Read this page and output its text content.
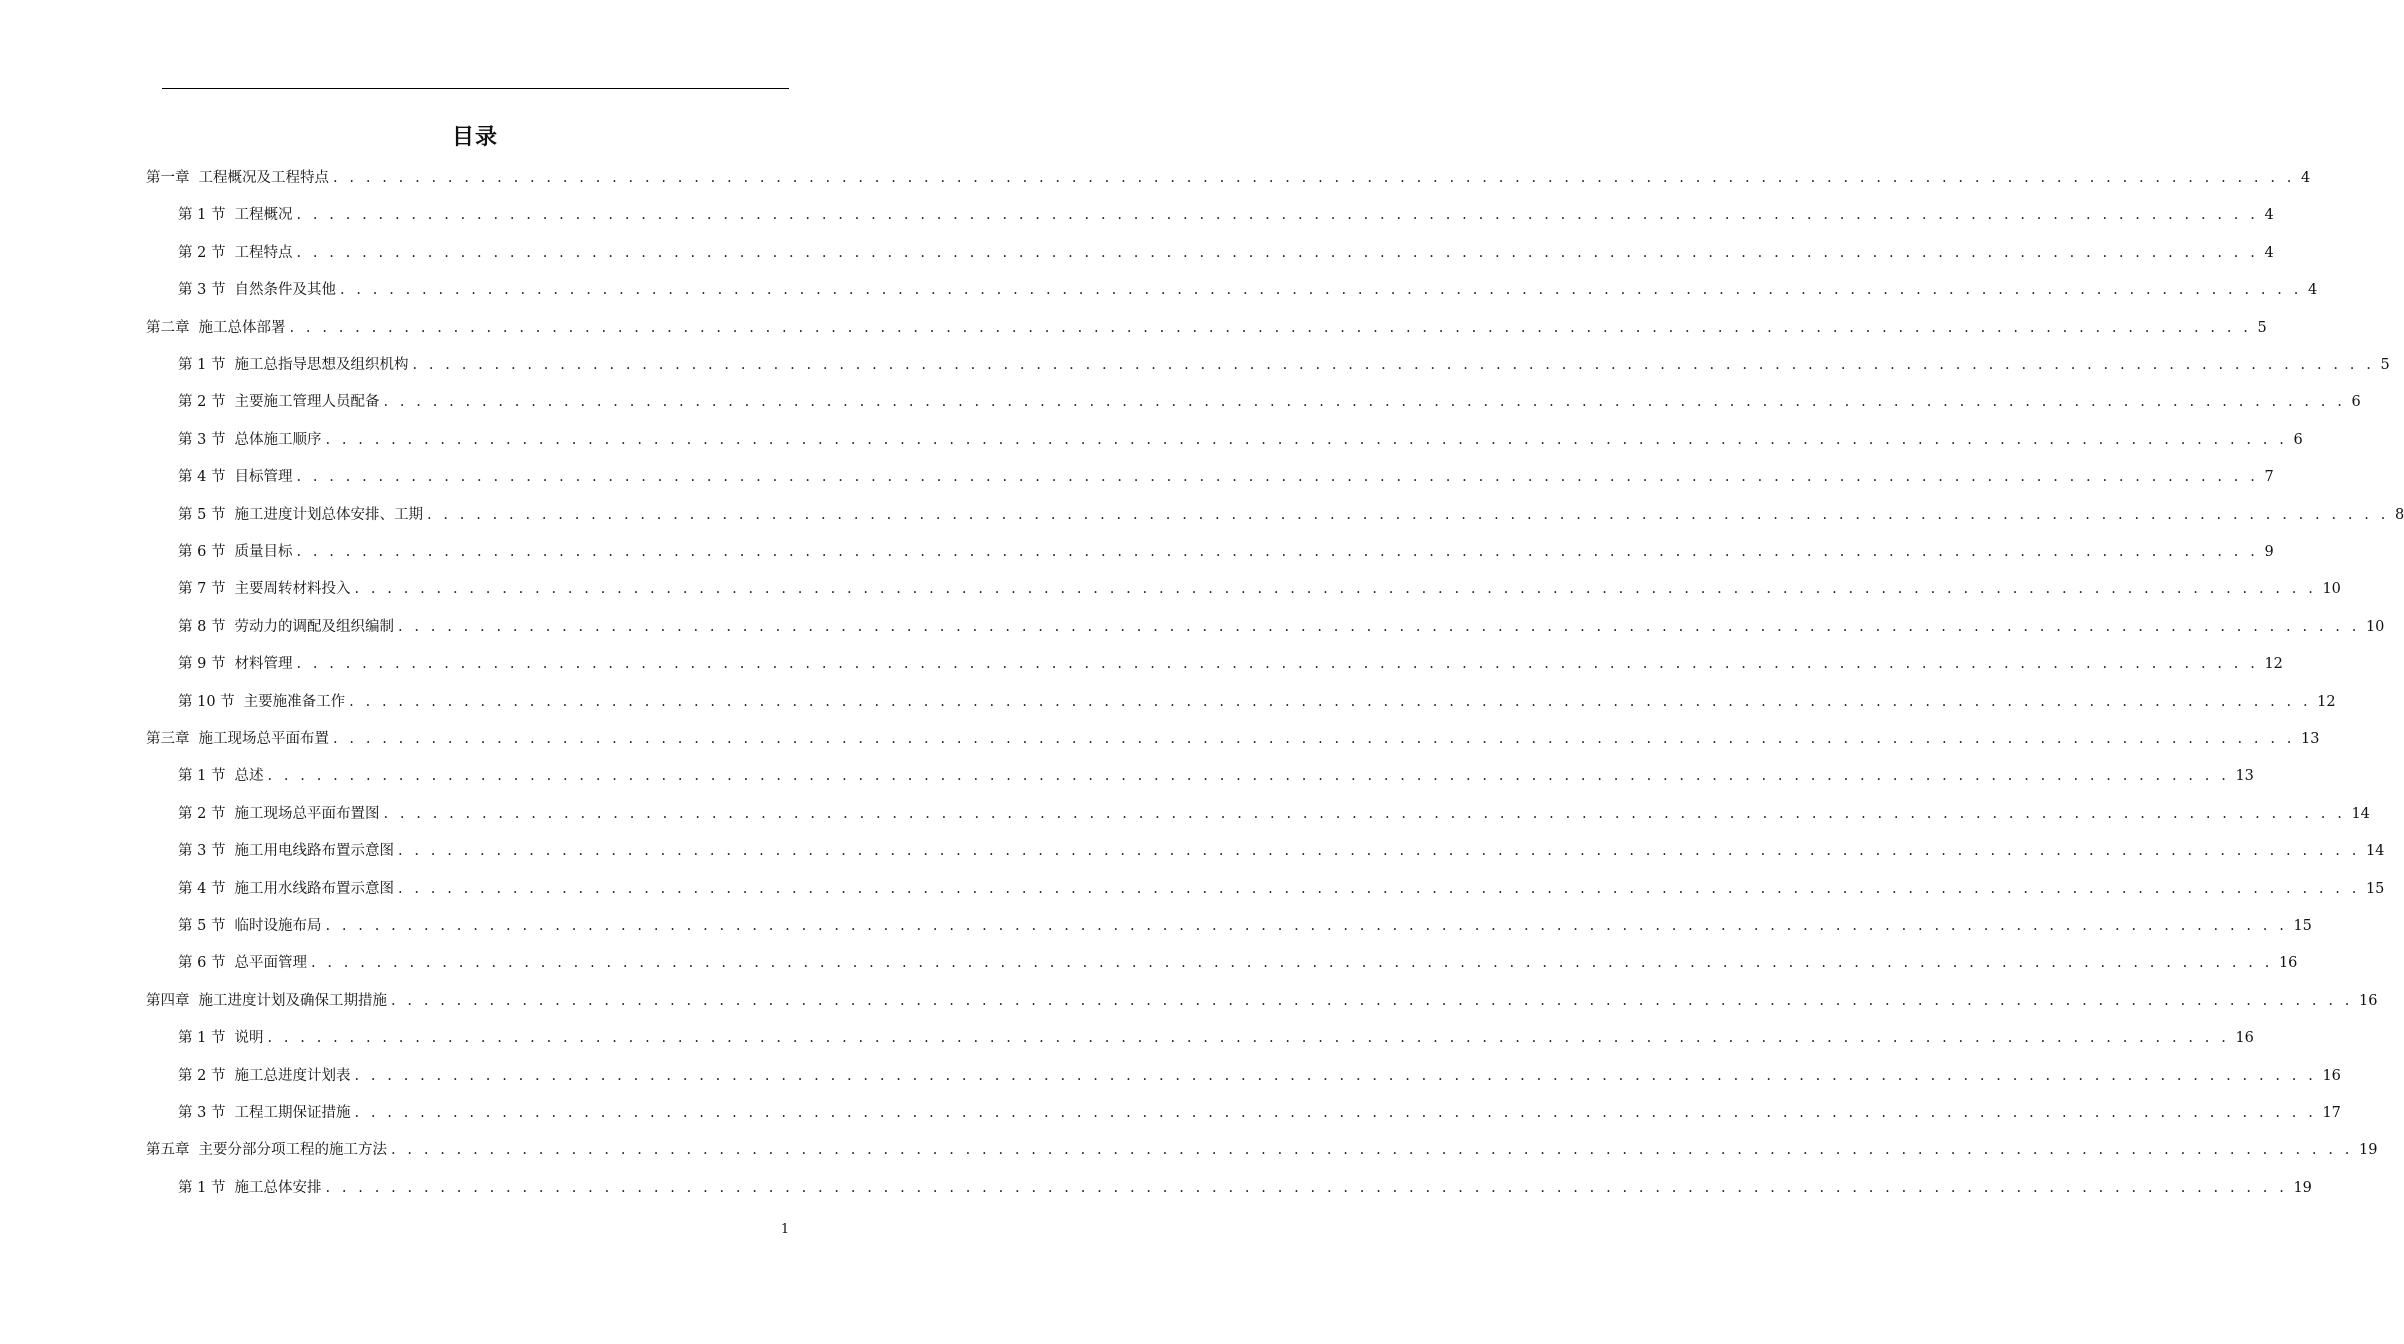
目录
第一章 工程概况及工程特点 . . . . . . . . . . . . . . . . . . . . . . . . . . . . . . . . . . . . . . . . . . . . . . . . . . . . . . . . . . . . . . . . . . . . . . . . . . . . . . . . . . . . . . . . . . . . . . . . . . . . . . . . . . . . . . . . . . . . . . . . 4
第 1 节 工程概况 . . . . . . . . . . . . . . . . . . . . . . . . . . . . . . . . . . . . . . . . . . . . . . . . . . . . . . . . . . . . . . . . . . . . . . . . . . . . . . . . . . . . . . . . . . . . . . . . . . . . . . . . . . . . . . . . . . . . . . . . 4
第 2 节 工程特点 . . . . . . . . . . . . . . . . . . . . . . . . . . . . . . . . . . . . . . . . . . . . . . . . . . . . . . . . . . . . . . . . . . . . . . . . . . . . . . . . . . . . . . . . . . . . . . . . . . . . . . . . . . . . . . . . . . . . . . . . 4
第 3 节 自然条件及其他 . . . . . . . . . . . . . . . . . . . . . . . . . . . . . . . . . . . . . . . . . . . . . . . . . . . . . . . . . . . . . . . . . . . . . . . . . . . . . . . . . . . . . . . . . . . . . . . . . . . . . . . . . . . . . . . . . . . . . . . . 4
第二章 施工总体部署 . . . . . . . . . . . . . . . . . . . . . . . . . . . . . . . . . . . . . . . . . . . . . . . . . . . . . . . . . . . . . . . . . . . . . . . . . . . . . . . . . . . . . . . . . . . . . . . . . . . . . . . . . . . . . . . . . . . . . . . . 5
第 1 节 施工总指导思想及组织机构 . . . . . . . . . . . . . . . . . . . . . . . . . . . . . . . . . . . . . . . . . . . . . . . . . . . . . . . . . . . . . . . . . . . . . . . . . . . . . . . . . . . . . . . . . . . . . . . . . . . . . . . . . . . . . . . . . . . . . . . . 5
第 2 节 主要施工管理人员配备 . . . . . . . . . . . . . . . . . . . . . . . . . . . . . . . . . . . . . . . . . . . . . . . . . . . . . . . . . . . . . . . . . . . . . . . . . . . . . . . . . . . . . . . . . . . . . . . . . . . . . . . . . . . . . . . . . . . . . . . . 6
第 3 节 总体施工顺序 . . . . . . . . . . . . . . . . . . . . . . . . . . . . . . . . . . . . . . . . . . . . . . . . . . . . . . . . . . . . . . . . . . . . . . . . . . . . . . . . . . . . . . . . . . . . . . . . . . . . . . . . . . . . . . . . . . . . . . . . 6
第 4 节 目标管理 . . . . . . . . . . . . . . . . . . . . . . . . . . . . . . . . . . . . . . . . . . . . . . . . . . . . . . . . . . . . . . . . . . . . . . . . . . . . . . . . . . . . . . . . . . . . . . . . . . . . . . . . . . . . . . . . . . . . . . . . 7
第 5 节 施工进度计划总体安排、工期 . . . . . . . . . . . . . . . . . . . . . . . . . . . . . . . . . . . . . . . . . . . . . . . . . . . . . . . . . . . . . . . . . . . . . . . . . . . . . . . . . . . . . . . . . . . . . . . . . . . . . . . . . . . . . . . . . . . . . . . . 8
第 6 节 质量目标 . . . . . . . . . . . . . . . . . . . . . . . . . . . . . . . . . . . . . . . . . . . . . . . . . . . . . . . . . . . . . . . . . . . . . . . . . . . . . . . . . . . . . . . . . . . . . . . . . . . . . . . . . . . . . . . . . . . . . . . . 9
第 7 节 主要周转材料投入 . . . . . . . . . . . . . . . . . . . . . . . . . . . . . . . . . . . . . . . . . . . . . . . . . . . . . . . . . . . . . . . . . . . . . . . . . . . . . . . . . . . . . . . . . . . . . . . . . . . . . . . . . . . . . . . . . . . . . . . . 10
第 8 节 劳动力的调配及组织编制 . . . . . . . . . . . . . . . . . . . . . . . . . . . . . . . . . . . . . . . . . . . . . . . . . . . . . . . . . . . . . . . . . . . . . . . . . . . . . . . . . . . . . . . . . . . . . . . . . . . . . . . . . . . . . . . . . . . . . . . . 10
第 9 节 材料管理 . . . . . . . . . . . . . . . . . . . . . . . . . . . . . . . . . . . . . . . . . . . . . . . . . . . . . . . . . . . . . . . . . . . . . . . . . . . . . . . . . . . . . . . . . . . . . . . . . . . . . . . . . . . . . . . . . . . . . . . . 12
第 10 节 主要施准备工作 . . . . . . . . . . . . . . . . . . . . . . . . . . . . . . . . . . . . . . . . . . . . . . . . . . . . . . . . . . . . . . . . . . . . . . . . . . . . . . . . . . . . . . . . . . . . . . . . . . . . . . . . . . . . . . . . . . . . . . . . 12
第三章 施工现场总平面布置 . . . . . . . . . . . . . . . . . . . . . . . . . . . . . . . . . . . . . . . . . . . . . . . . . . . . . . . . . . . . . . . . . . . . . . . . . . . . . . . . . . . . . . . . . . . . . . . . . . . . . . . . . . . . . . . . . . . . . . . . 13
第 1 节 总述 . . . . . . . . . . . . . . . . . . . . . . . . . . . . . . . . . . . . . . . . . . . . . . . . . . . . . . . . . . . . . . . . . . . . . . . . . . . . . . . . . . . . . . . . . . . . . . . . . . . . . . . . . . . . . . . . . . . . . . . . 13
第 2 节 施工现场总平面布置图 . . . . . . . . . . . . . . . . . . . . . . . . . . . . . . . . . . . . . . . . . . . . . . . . . . . . . . . . . . . . . . . . . . . . . . . . . . . . . . . . . . . . . . . . . . . . . . . . . . . . . . . . . . . . . . . . . . . . . . . . 14
第 3 节 施工用电线路布置示意图 . . . . . . . . . . . . . . . . . . . . . . . . . . . . . . . . . . . . . . . . . . . . . . . . . . . . . . . . . . . . . . . . . . . . . . . . . . . . . . . . . . . . . . . . . . . . . . . . . . . . . . . . . . . . . . . . . . . . . . . . 14
第 4 节 施工用水线路布置示意图 . . . . . . . . . . . . . . . . . . . . . . . . . . . . . . . . . . . . . . . . . . . . . . . . . . . . . . . . . . . . . . . . . . . . . . . . . . . . . . . . . . . . . . . . . . . . . . . . . . . . . . . . . . . . . . . . . . . . . . . . 15
第 5 节 临时设施布局 . . . . . . . . . . . . . . . . . . . . . . . . . . . . . . . . . . . . . . . . . . . . . . . . . . . . . . . . . . . . . . . . . . . . . . . . . . . . . . . . . . . . . . . . . . . . . . . . . . . . . . . . . . . . . . . . . . . . . . . . 15
第 6 节 总平面管理 . . . . . . . . . . . . . . . . . . . . . . . . . . . . . . . . . . . . . . . . . . . . . . . . . . . . . . . . . . . . . . . . . . . . . . . . . . . . . . . . . . . . . . . . . . . . . . . . . . . . . . . . . . . . . . . . . . . . . . . . 16
第四章 施工进度计划及确保工期措施 . . . . . . . . . . . . . . . . . . . . . . . . . . . . . . . . . . . . . . . . . . . . . . . . . . . . . . . . . . . . . . . . . . . . . . . . . . . . . . . . . . . . . . . . . . . . . . . . . . . . . . . . . . . . . . . . . . . . . . . . 16
第 1 节 说明 . . . . . . . . . . . . . . . . . . . . . . . . . . . . . . . . . . . . . . . . . . . . . . . . . . . . . . . . . . . . . . . . . . . . . . . . . . . . . . . . . . . . . . . . . . . . . . . . . . . . . . . . . . . . . . . . . . . . . . . . 16
第 2 节 施工总进度计划表 . . . . . . . . . . . . . . . . . . . . . . . . . . . . . . . . . . . . . . . . . . . . . . . . . . . . . . . . . . . . . . . . . . . . . . . . . . . . . . . . . . . . . . . . . . . . . . . . . . . . . . . . . . . . . . . . . . . . . . . . 16
第 3 节 工程工期保证措施 . . . . . . . . . . . . . . . . . . . . . . . . . . . . . . . . . . . . . . . . . . . . . . . . . . . . . . . . . . . . . . . . . . . . . . . . . . . . . . . . . . . . . . . . . . . . . . . . . . . . . . . . . . . . . . . . . . . . . . . . 17
第五章 主要分部分项工程的施工方法 . . . . . . . . . . . . . . . . . . . . . . . . . . . . . . . . . . . . . . . . . . . . . . . . . . . . . . . . . . . . . . . . . . . . . . . . . . . . . . . . . . . . . . . . . . . . . . . . . . . . . . . . . . . . . . . . . . . . . . . . 19
第 1 节 施工总体安排 . . . . . . . . . . . . . . . . . . . . . . . . . . . . . . . . . . . . . . . . . . . . . . . . . . . . . . . . . . . . . . . . . . . . . . . . . . . . . . . . . . . . . . . . . . . . . . . . . . . . . . . . . . . . . . . . . . . . . . . . 19
1
